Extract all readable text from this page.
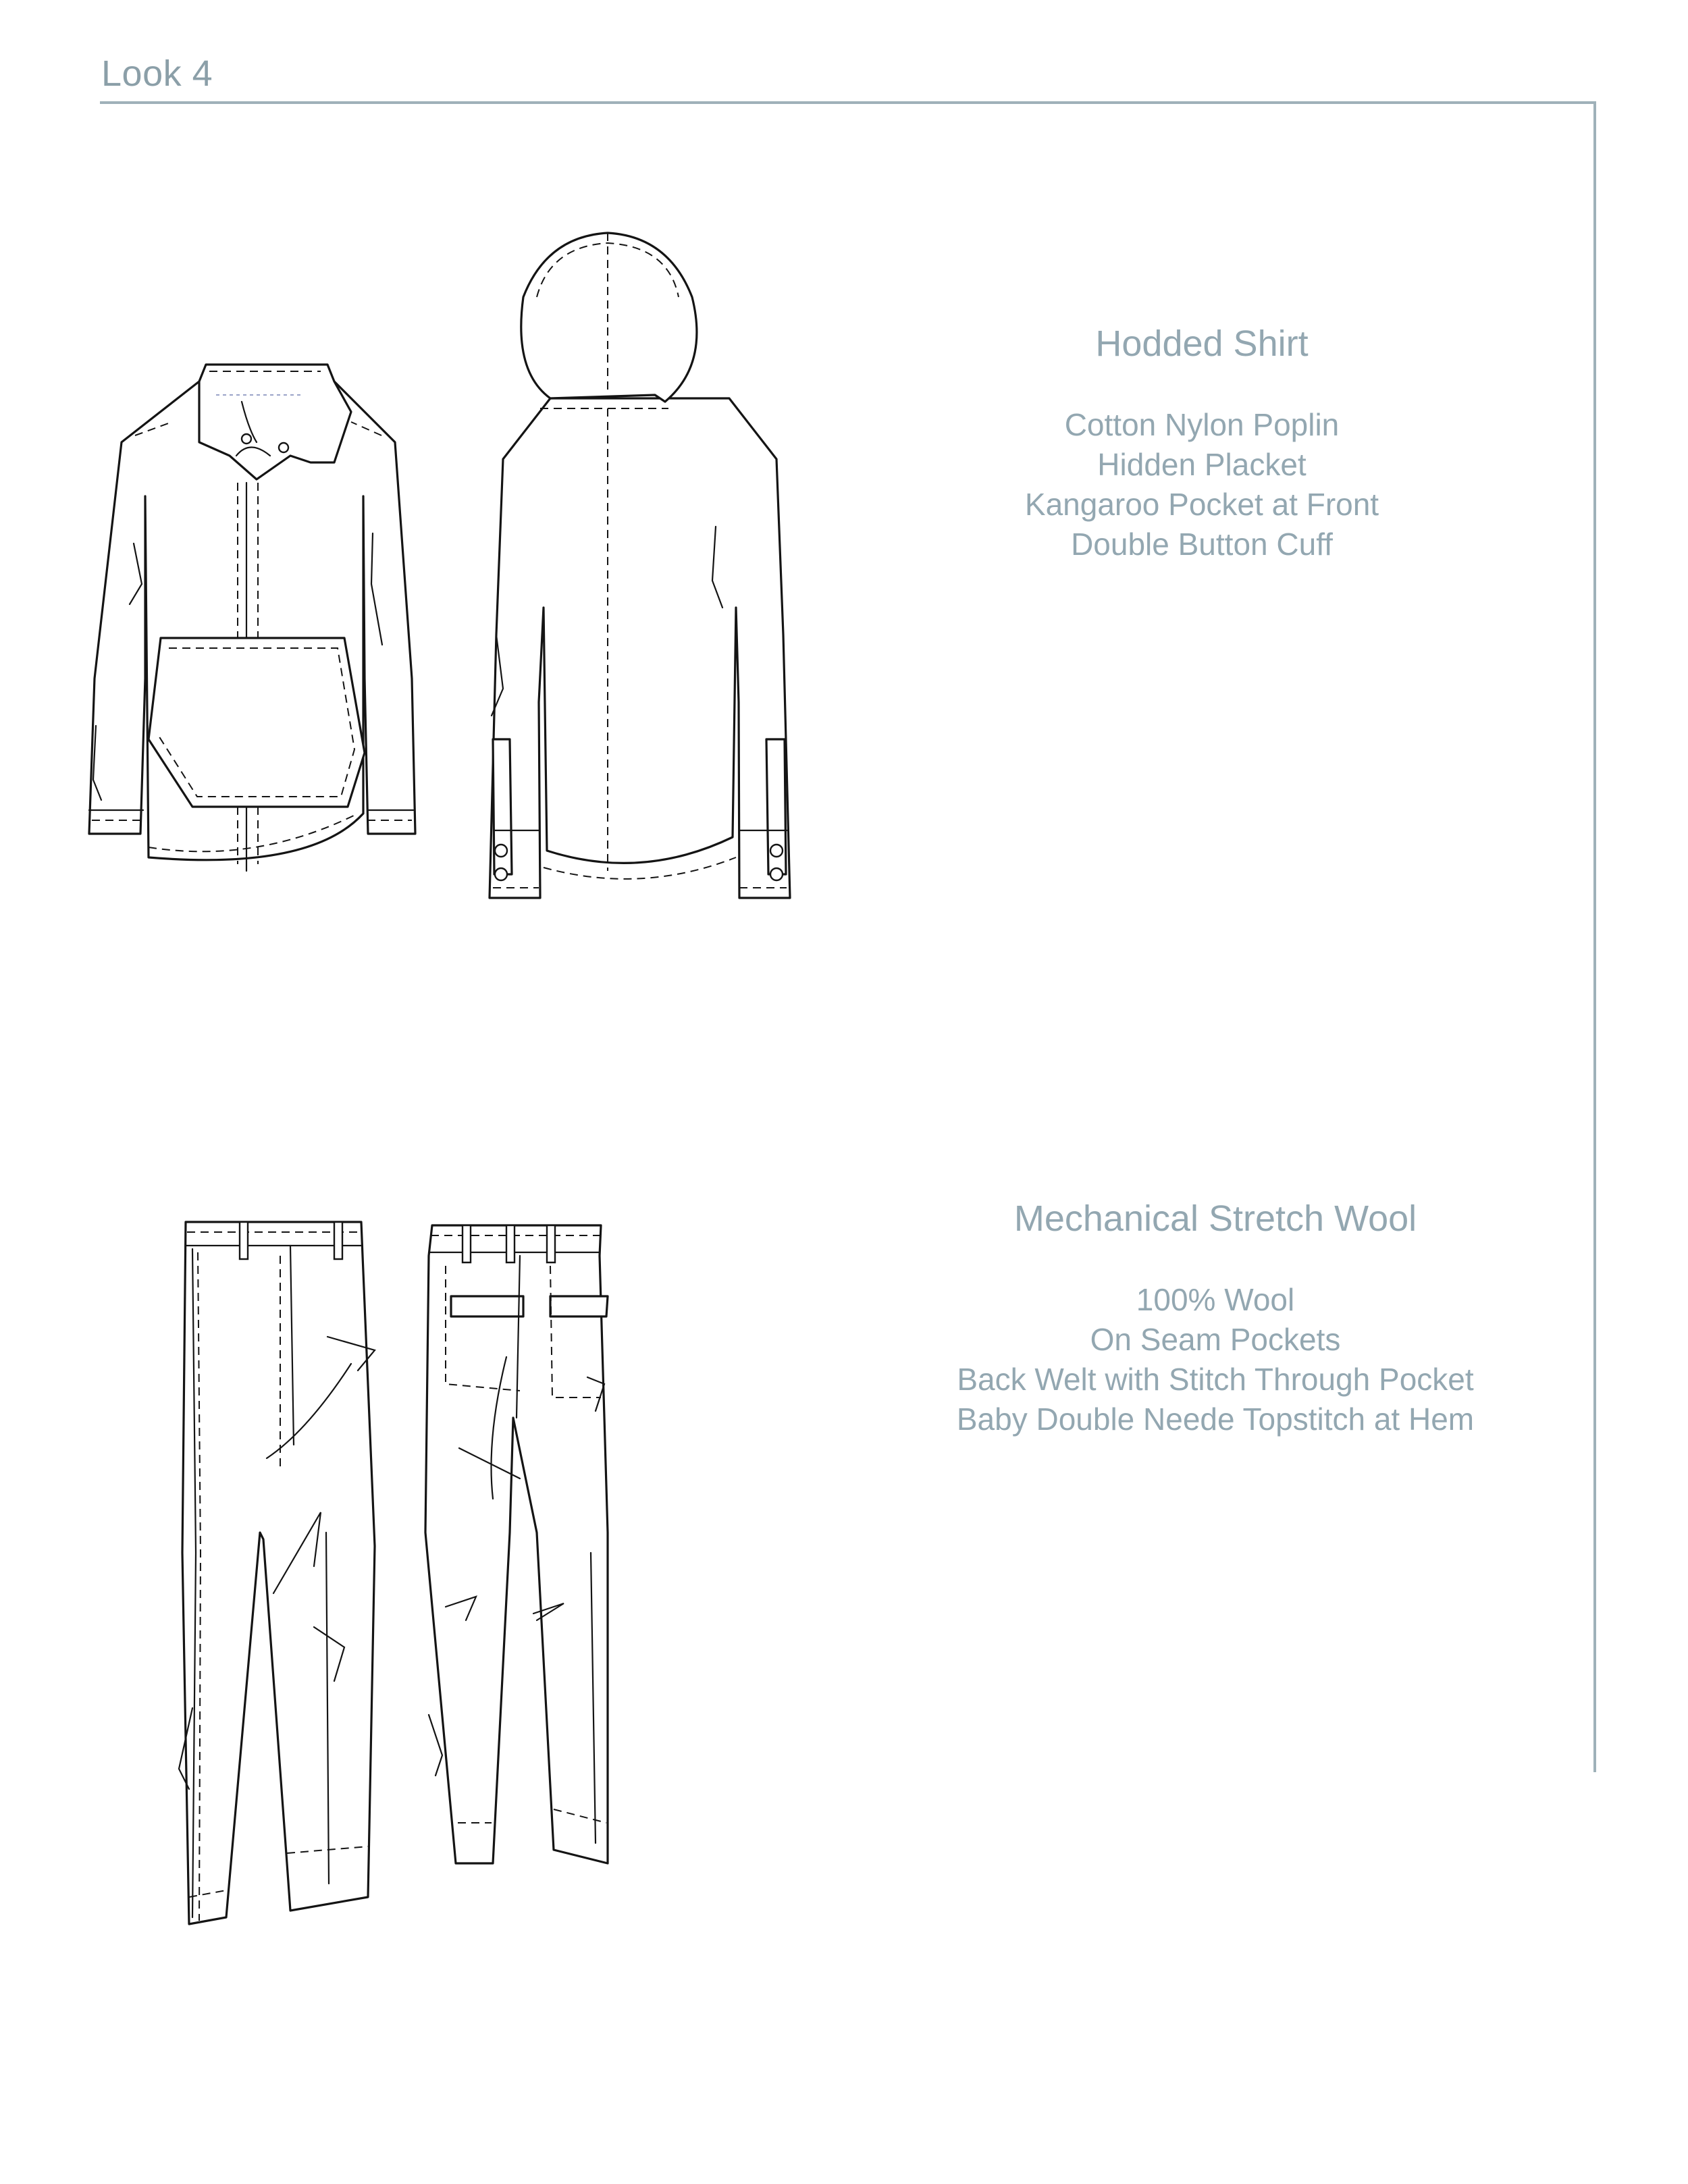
Look 4
Hodded Shirt
Cotton Nylon Poplin
Hidden Placket
Kangaroo Pocket at Front
Double Button Cuff
Mechanical Stretch Wool
100% Wool
On Seam Pockets
Back Welt with Stitch Through Pocket
Baby Double Neede Topstitch at Hem
